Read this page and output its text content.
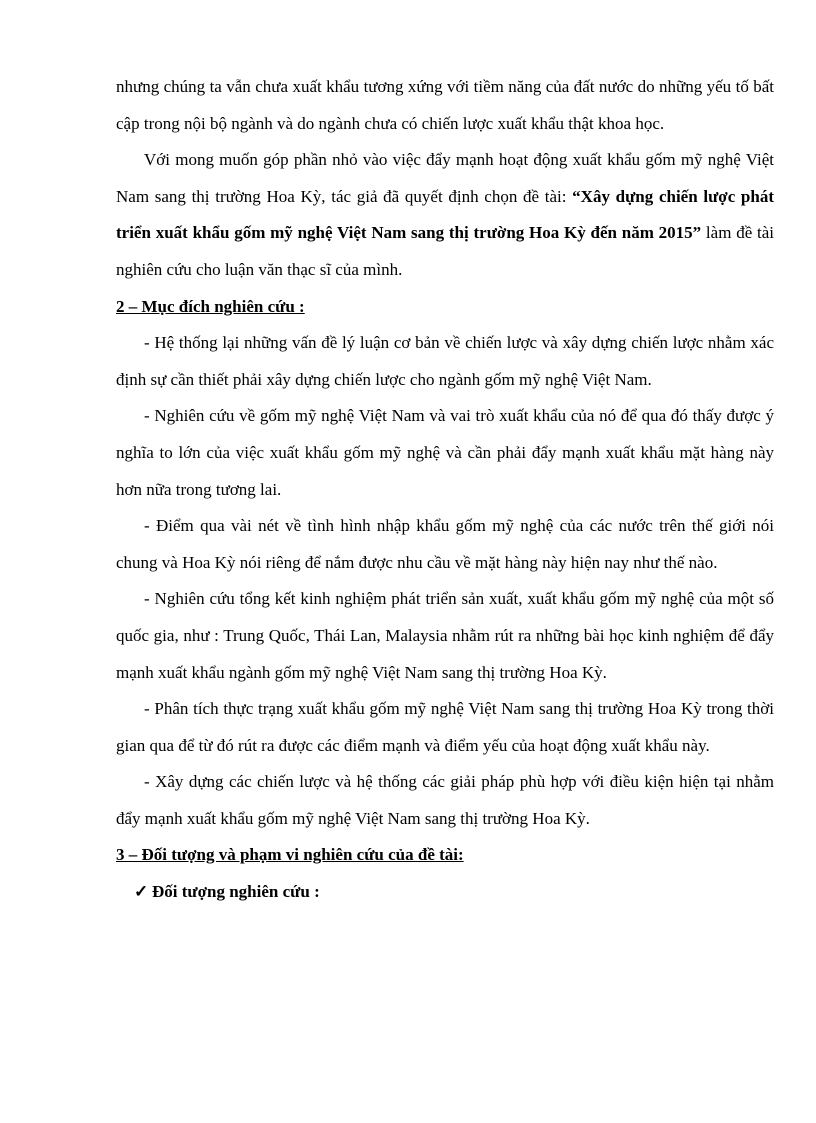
nhưng chúng ta vẫn chưa xuất khẩu tương xứng với tiềm năng của đất nước do những yếu tố bất cập trong nội bộ ngành và do ngành chưa có chiến lược xuất khẩu thật khoa học.

Với mong muốn góp phần nhỏ vào việc đẩy mạnh hoạt động xuất khẩu gốm mỹ nghệ Việt Nam sang thị trường Hoa Kỳ, tác giả đã quyết định chọn đề tài: “Xây dựng chiến lược phát triển xuất khẩu gốm mỹ nghệ Việt Nam sang thị trường Hoa Kỳ đến năm 2015” làm đề tài nghiên cứu cho luận văn thạc sĩ của mình.

2 – Mục đích nghiên cứu :

- Hệ thống lại những vấn đề lý luận cơ bản về chiến lược và xây dựng chiến lược nhằm xác định sự cần thiết phải xây dựng chiến lược cho ngành gốm mỹ nghệ Việt Nam.

- Nghiên cứu về gốm mỹ nghệ Việt Nam và vai trò xuất khẩu của nó để qua đó thấy được ý nghĩa to lớn của việc xuất khẩu gốm mỹ nghệ và cần phải đẩy mạnh xuất khẩu mặt hàng này hơn nữa trong tương lai.

- Điểm qua vài nét về tình hình nhập khẩu gốm mỹ nghệ của các nước trên thế giới nói chung và Hoa Kỳ nói riêng để nắm được nhu cầu về mặt hàng này hiện nay như thế nào.

- Nghiên cứu tổng kết kinh nghiệm phát triển sản xuất, xuất khẩu gốm mỹ nghệ của một số quốc gia, như : Trung Quốc, Thái Lan, Malaysia nhằm rút ra những bài học kinh nghiệm để đẩy mạnh xuất khẩu ngành gốm mỹ nghệ Việt Nam sang thị trường Hoa Kỳ.

- Phân tích thực trạng xuất khẩu gốm mỹ nghệ Việt Nam sang thị trường Hoa Kỳ trong thời gian qua để từ đó rút ra được các điểm mạnh và điểm yếu của hoạt động xuất khẩu này.

- Xây dựng các chiến lược và hệ thống các giải pháp phù hợp với điều kiện hiện tại nhằm đẩy mạnh xuất khẩu gốm mỹ nghệ Việt Nam sang thị trường Hoa Kỳ.

3 – Đối tượng và phạm vi nghiên cứu của đề tài:
✓ Đối tượng nghiên cứu :
